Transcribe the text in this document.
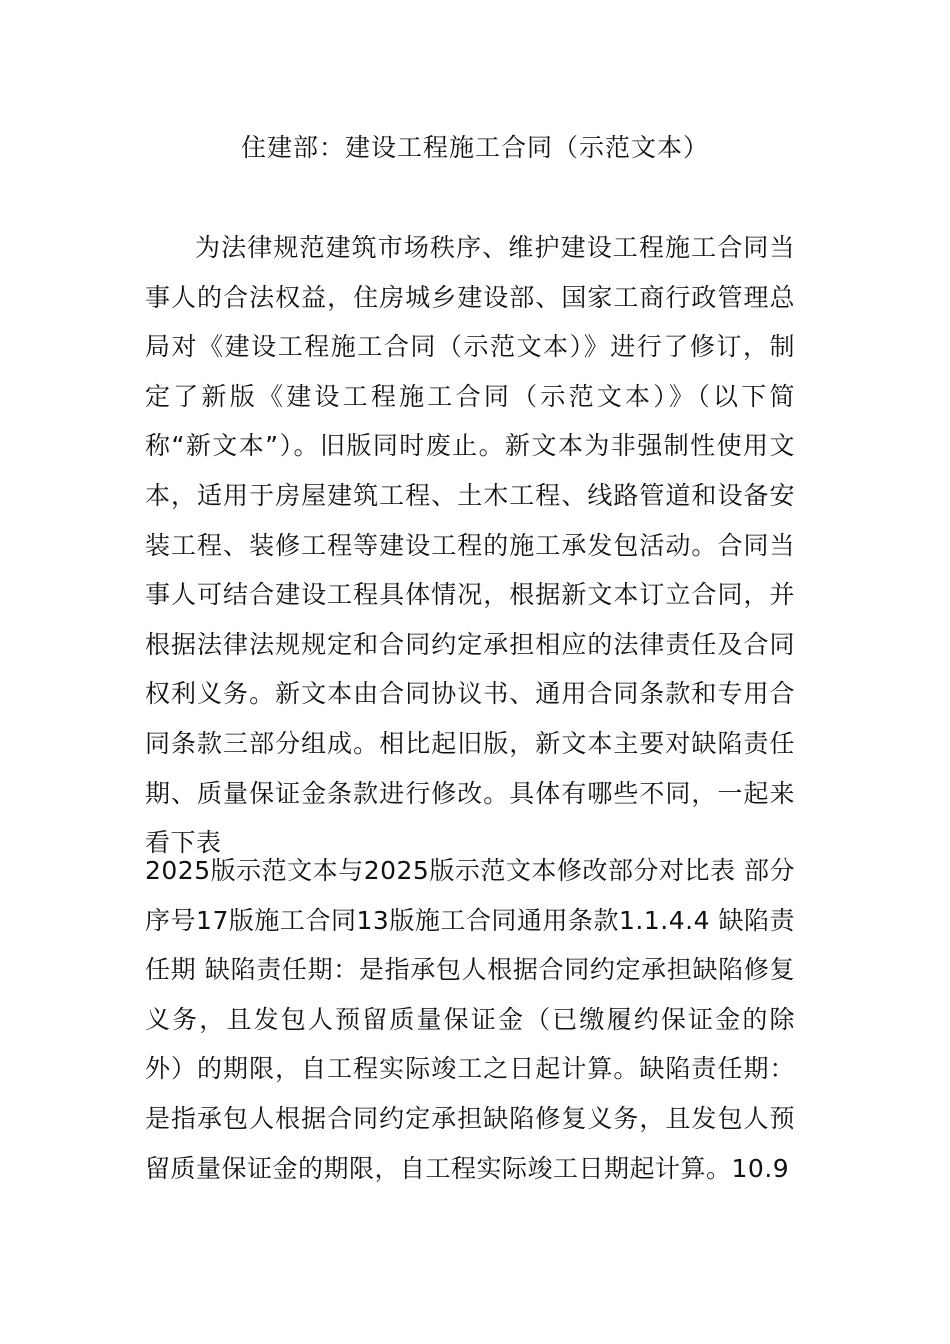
住建部：建设工程施工合同（示范文本）

为法律规范建筑市场秩序、维护建设工程施工合同当事人的合法权益，住房城乡建设部、国家工商行政管理总局对《建设工程施工合同（示范文本）》进行了修订，制定了新版《建设工程施工合同（示范文本）》（以下简称“新文本”）。旧版同时废止。新文本为非强制性使用文本，适用于房屋建筑工程、土木工程、线路管道和设备安装工程、装修工程等建设工程的施工承发包活动。合同当事人可结合建设工程具体情况，根据新文本订立合同，并根据法律法规规定和合同约定承担相应的法律责任及合同权利义务。新文本由合同协议书、通用合同条款和专用合同条款三部分组成。相比起旧版，新文本主要对缺陷责任期、质量保证金条款进行修改。具体有哪些不同，一起来看下表

2025版示范文本与2025版示范文本修改部分对比表 部分序号17版施工合同13版施工合同通用条款1.1.4.4 缺陷责任期 缺陷责任期：是指承包人根据合同约定承担缺陷修复义务，且发包人预留质量保证金（已缴履约保证金的除外）的期限，自工程实际竣工之日起计算。缺陷责任期：是指承包人根据合同约定承担缺陷修复义务，且发包人预留质量保证金的期限，自工程实际竣工日期起计算。10.9
